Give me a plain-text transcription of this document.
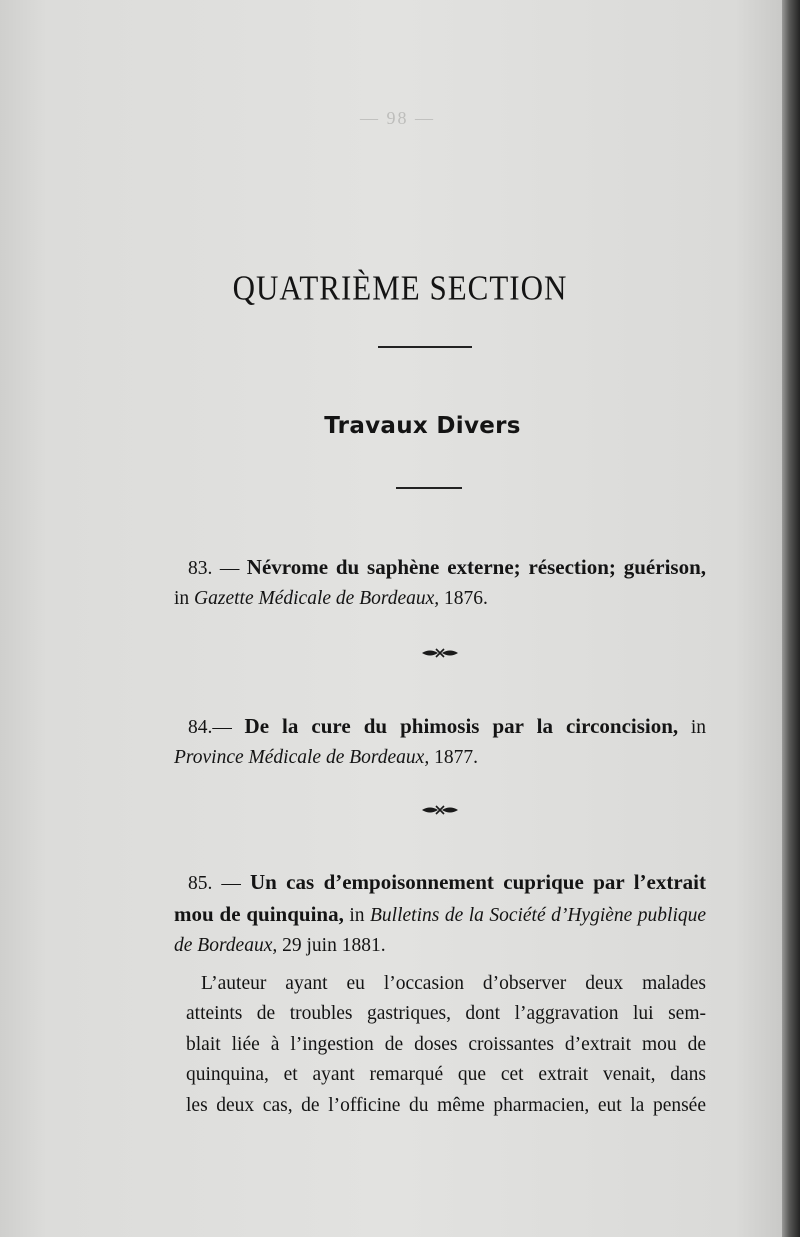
— 98 —
QUATRIÈME SECTION
Travaux Divers

83. — Névrome du saphène externe; résection; guérison, in Gazette Médicale de Bordeaux, 1876.

84.— De la cure du phimosis par la circoncision, in Province Médicale de Bordeaux, 1877.

85. — Un cas d’empoisonnement cuprique par l’extrait mou de quinquina, in Bulletins de la Société d’Hygiène publique de Bordeaux, 29 juin 1881.

L’auteur ayant eu l’occasion d’observer deux malades
atteints de troubles gastriques, dont l’aggravation lui sem-
blait liée à l’ingestion de doses croissantes d’extrait mou de
quinquina, et ayant remarqué que cet extrait venait, dans
les deux cas, de l’officine du même pharmacien, eut la pensée
